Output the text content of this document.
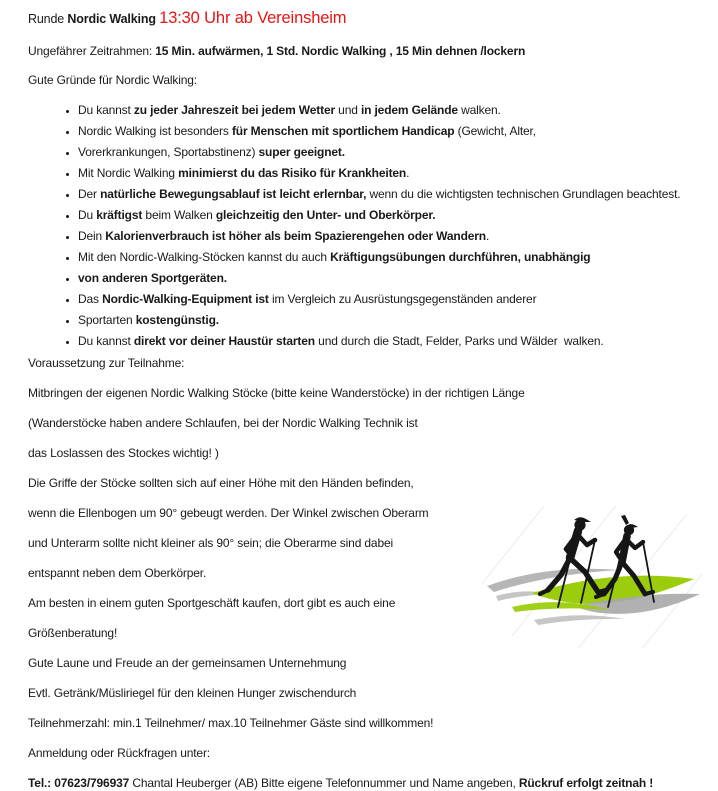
Runde Nordic Walking 13:30 Uhr ab Vereinsheim

Ungefährer Zeitrahmen: 15 Min. aufwärmen, 1 Std. Nordic Walking , 15 Min dehnen /lockern

Gute Gründe für Nordic Walking:

• Du kannst zu jeder Jahreszeit bei jedem Wetter und in jedem Gelände walken.
• Nordic Walking ist besonders für Menschen mit sportlichem Handicap (Gewicht, Alter,
• Vorerkrankungen, Sportabstinenz) super geeignet.
• Mit Nordic Walking minimierst du das Risiko für Krankheiten.
• Der natürliche Bewegungsablauf ist leicht erlernbar, wenn du die wichtigsten technischen Grundlagen beachtest.
• Du kräftigst beim Walken gleichzeitig den Unter- und Oberkörper.
• Dein Kalorienverbrauch ist höher als beim Spazierengehen oder Wandern.
• Mit den Nordic-Walking-Stöcken kannst du auch Kräftigungsübungen durchführen, unabhängig
• von anderen Sportgeräten.
• Das Nordic-Walking-Equipment ist im Vergleich zu Ausrüstungsgegenständen anderer
• Sportarten kostengünstig.
• Du kannst direkt vor deiner Haustür starten und durch die Stadt, Felder, Parks und Wälder  walken.

Voraussetzung zur Teilnahme:

Mitbringen der eigenen Nordic Walking Stöcke (bitte keine Wanderstöcke) in der richtigen Länge

(Wanderstöcke haben andere Schlaufen, bei der Nordic Walking Technik ist

das Loslassen des Stockes wichtig! )

Die Griffe der Stöcke sollten sich auf einer Höhe mit den Händen befinden,

wenn die Ellenbogen um 90° gebeugt werden. Der Winkel zwischen Oberarm

und Unterarm sollte nicht kleiner als 90° sein; die Oberarme sind dabei

entspannt neben dem Oberkörper.

Am besten in einem guten Sportgeschäft kaufen, dort gibt es auch eine

Größenberatung!

Gute Laune und Freude an der gemeinsamen Unternehmung

Evtl. Getränk/Müsliriegel für den kleinen Hunger zwischendurch

Teilnehmerzahl: min.1 Teilnehmer/ max.10 Teilnehmer Gäste sind willkommen!

Anmeldung oder Rückfragen unter:

Tel.: 07623/796937 Chantal Heuberger (AB) Bitte eigene Telefonnummer und Name angeben, Rückruf erfolgt zeitnah !
